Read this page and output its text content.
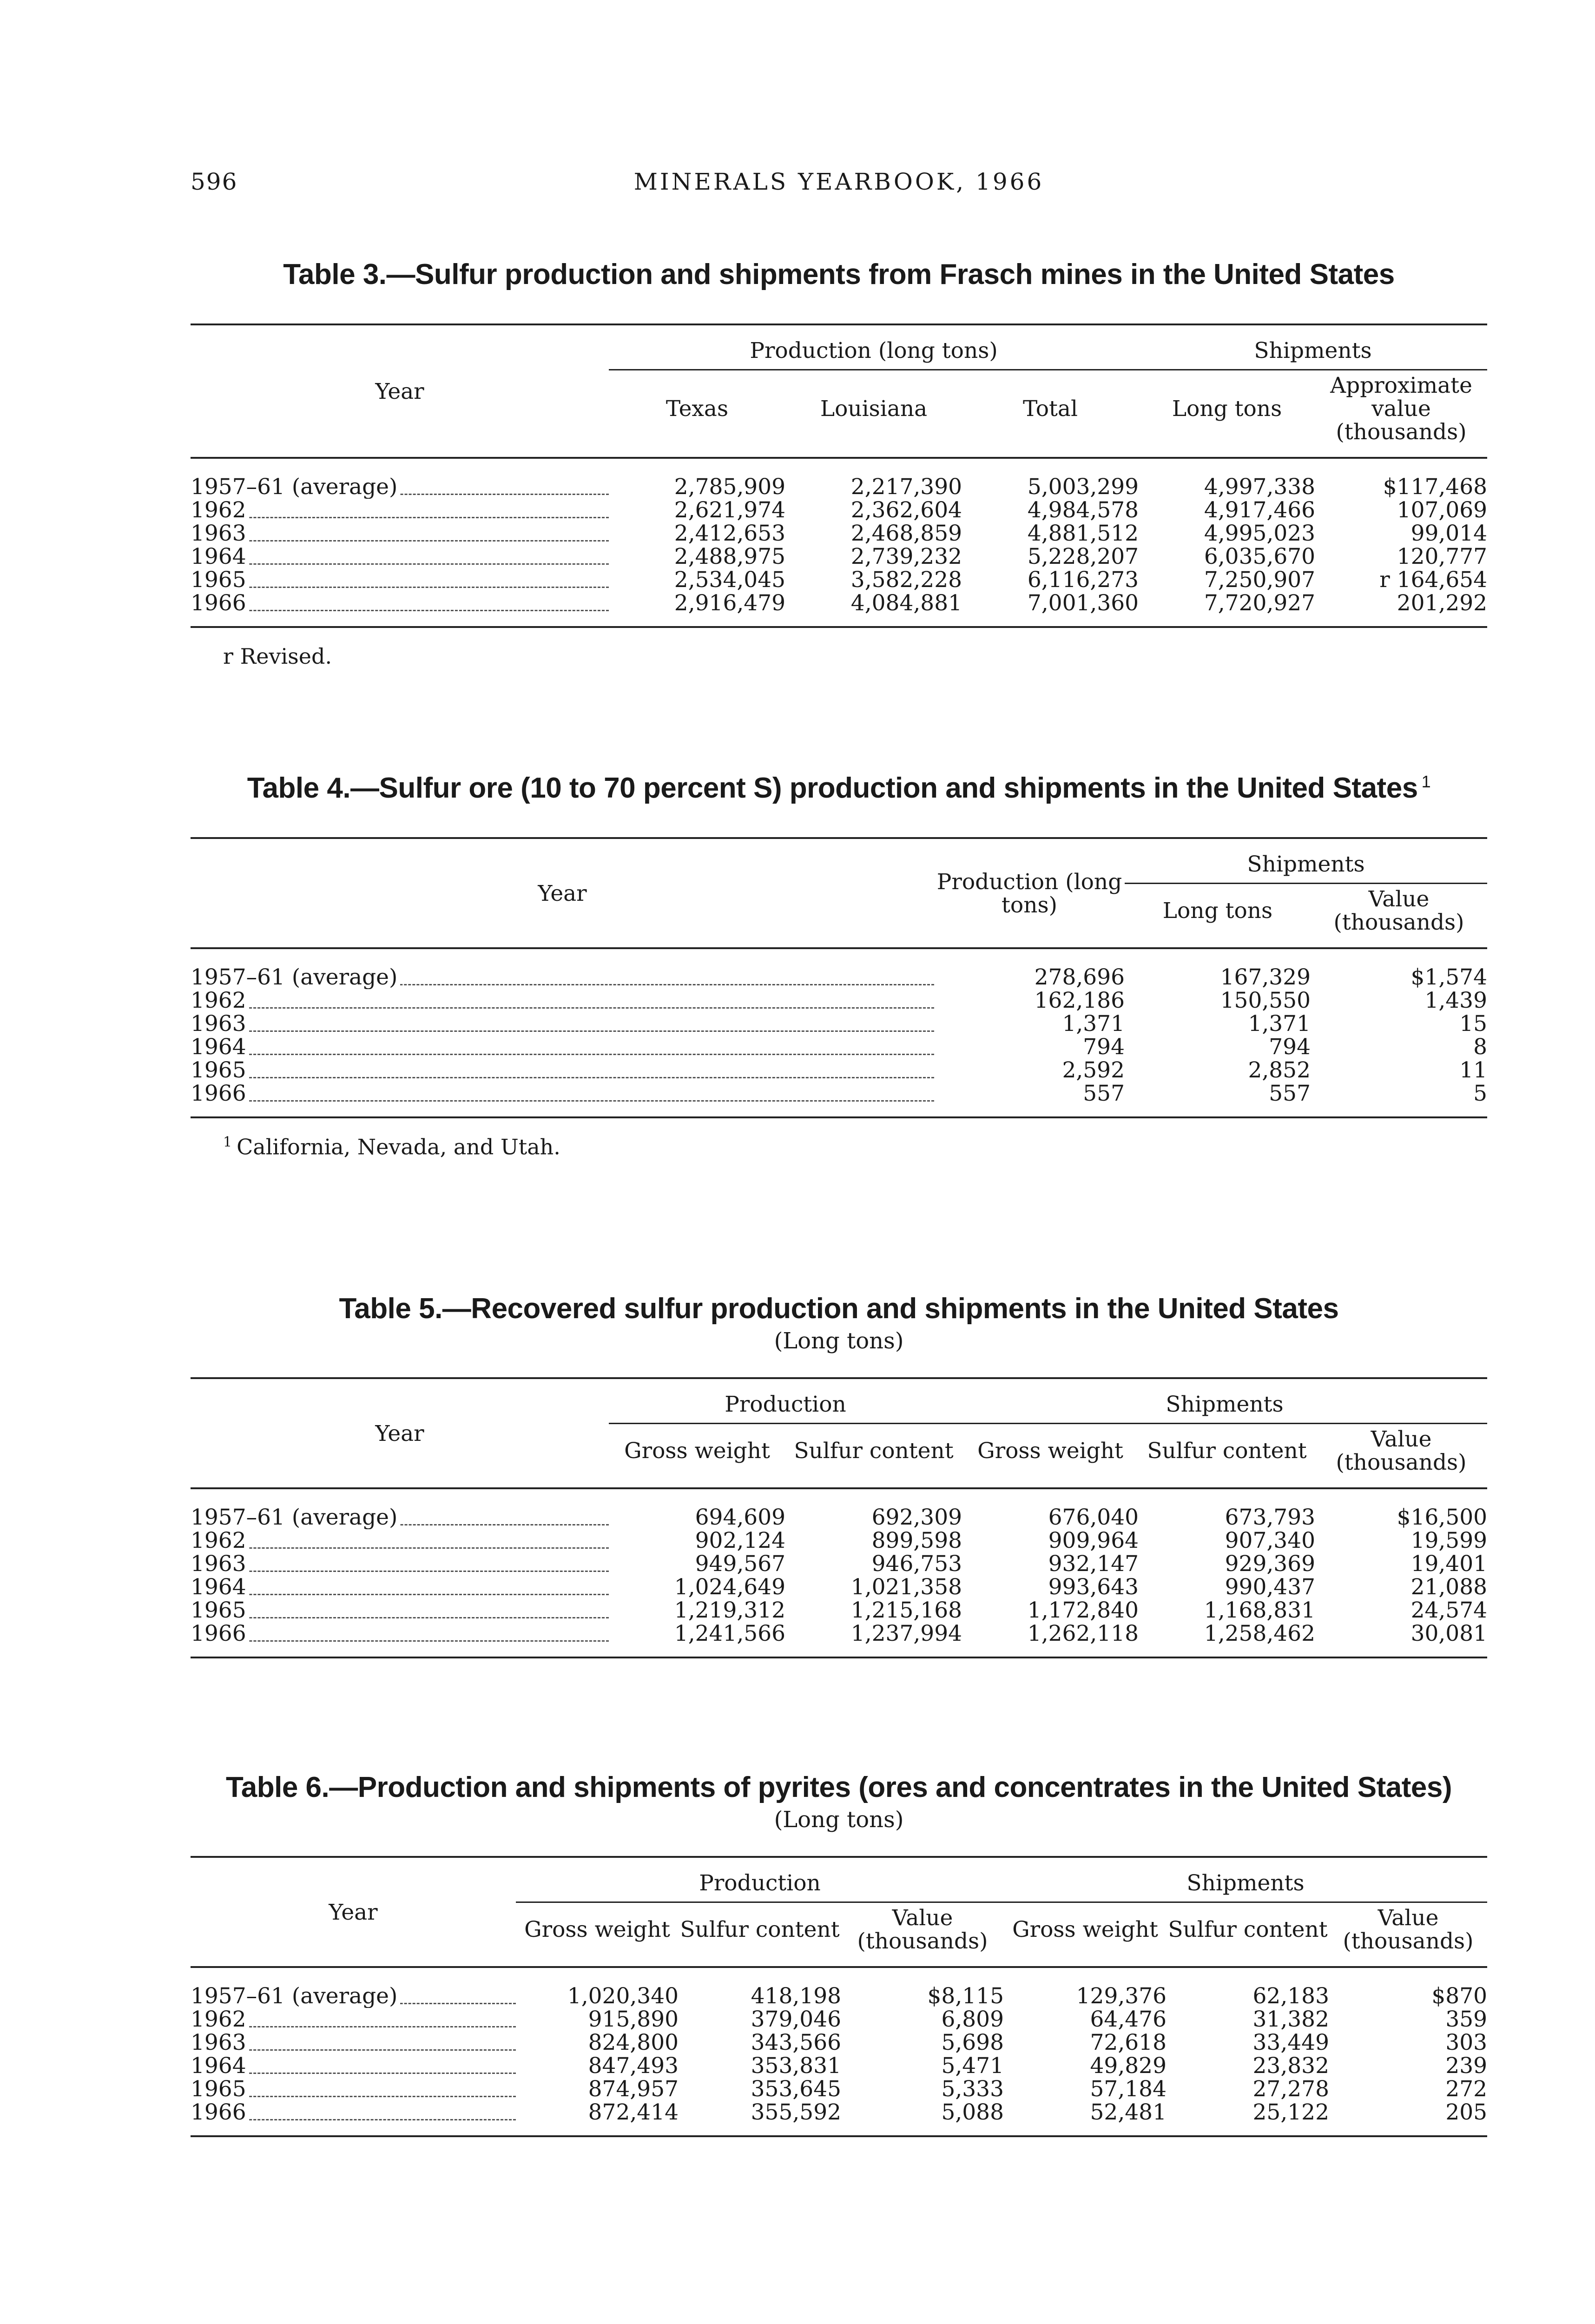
596	MINERALS YEARBOOK, 1966
Table 3.—Sulfur production and shipments from Frasch mines in the United States
Year	Production (long tons)			Shipments	
	Texas	Louisiana	Total	Long tons	Approximate value (thousands)

1957–61 (average)	2,785,909	2,217,390	5,003,299	4,997,338	$117,468

1962	2,621,974	2,362,604	4,984,578	4,917,466	107,069

1963	2,412,653	2,468,859	4,881,512	4,995,023	99,014

1964	2,488,975	2,739,232	5,228,207	6,035,670	120,777

1965	2,534,045	3,582,228	6,116,273	7,250,907	r 164,654

1966	2,916,479	4,084,881	7,001,360	7,720,927	201,292
r Revised.
Table 4.—Sulfur ore (10 to 70 percent S) production and shipments in the United States $^1$
Year	Production (long tons)	Shipments	
		Long tons	Value (thousands)

1957–61 (average)	278,696	167,329	$1,574

1962	162,186	150,550	1,439

1963	1,371	1,371	15

1964	794	794	8

1965	2,592	2,852	11

1966	557	557	5
$^1$ California, Nevada, and Utah.
Table 5.—Recovered sulfur production and shipments in the United States
(Long tons)
Year	Production		Shipments		
	Gross weight	Sulfur content	Gross weight	Sulfur content	Value (thousands)

1957–61 (average)	694,609	692,309	676,040	673,793	$16,500

1962	902,124	899,598	909,964	907,340	19,599

1963	949,567	946,753	932,147	929,369	19,401

1964	1,024,649	1,021,358	993,643	990,437	21,088

1965	1,219,312	1,215,168	1,172,840	1,168,831	24,574

1966	1,241,566	1,237,994	1,262,118	1,258,462	30,081
Table 6.—Production and shipments of pyrites (ores and concentrates in the United States)
(Long tons)
Year	Production			Shipments		
	Gross weight	Sulfur content	Value (thousands)	Gross weight	Sulfur content	Value (thousands)

1957–61 (average)	1,020,340	418,198	$8,115	129,376	62,183	$870

1962	915,890	379,046	6,809	64,476	31,382	359

1963	824,800	343,566	5,698	72,618	33,449	303

1964	847,493	353,831	5,471	49,829	23,832	239

1965	874,957	353,645	5,333	57,184	27,278	272

1966	872,414	355,592	5,088	52,481	25,122	205
